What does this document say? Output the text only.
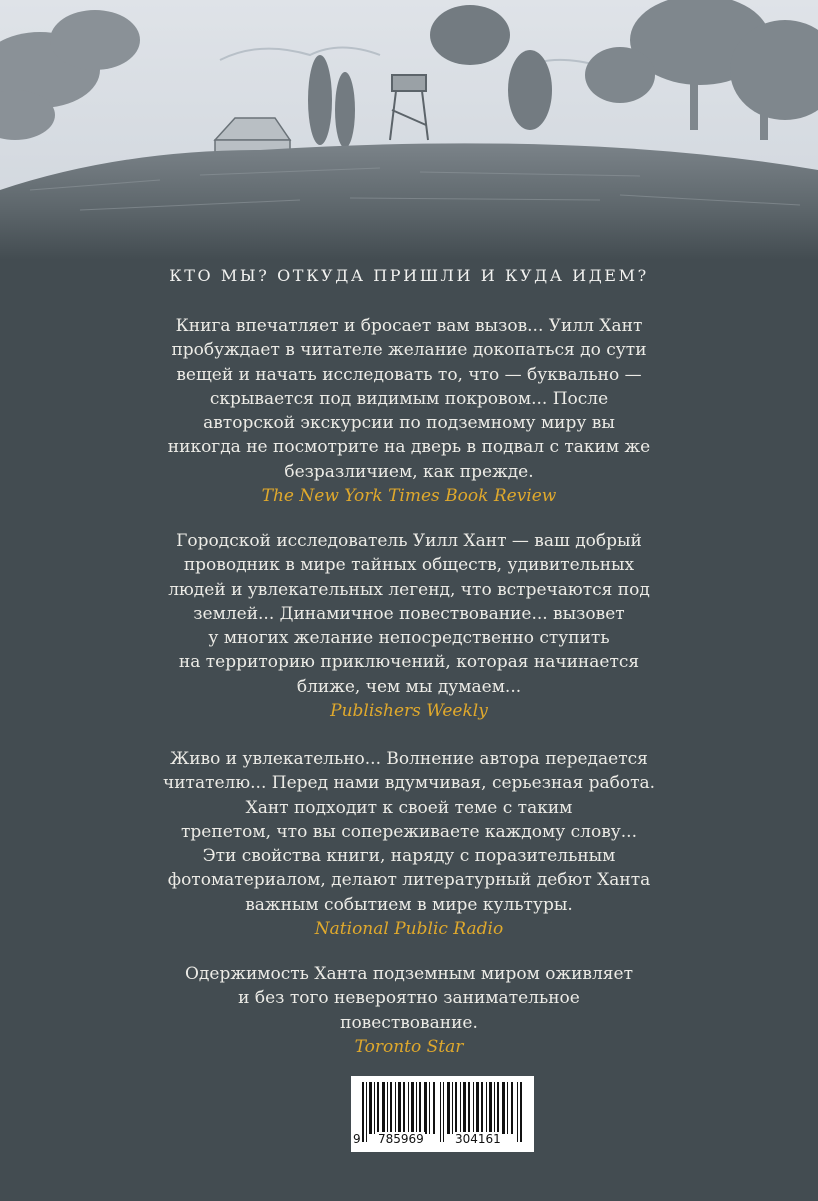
КТО МЫ? ОТКУДА ПРИШЛИ И КУДА ИДЕМ?
Книга впечатляет и бросает вам вызов... Уилл Хант
пробуждает в читателе желание докопаться до сути
вещей и начать исследовать то, что — буквально —
скрывается под видимым покровом... После
авторской экскурсии по подземному миру вы
никогда не посмотрите на дверь в подвал с таким же
безразличием, как прежде.
The New York Times Book Review
Городской исследователь Уилл Хант — ваш добрый
проводник в мире тайных обществ, удивительных
людей и увлекательных легенд, что встречаются под
землей... Динамичное повествование... вызовет
у многих желание непосредственно ступить
на территорию приключений, которая начинается
ближе, чем мы думаем...
Publishers Weekly
Живо и увлекательно... Волнение автора передается
читателю... Перед нами вдумчивая, серьезная работа.
Хант подходит к своей теме с таким
трепетом, что вы сопереживаете каждому слову...
Эти свойства книги, наряду с поразительным
фотоматериалом, делают литературный дебют Ханта
важным событием в мире культуры.
National Public Radio
Одержимость Ханта подземным миром оживляет
и без того невероятно занимательное
повествование.
Toronto Star
9 785969	304161
